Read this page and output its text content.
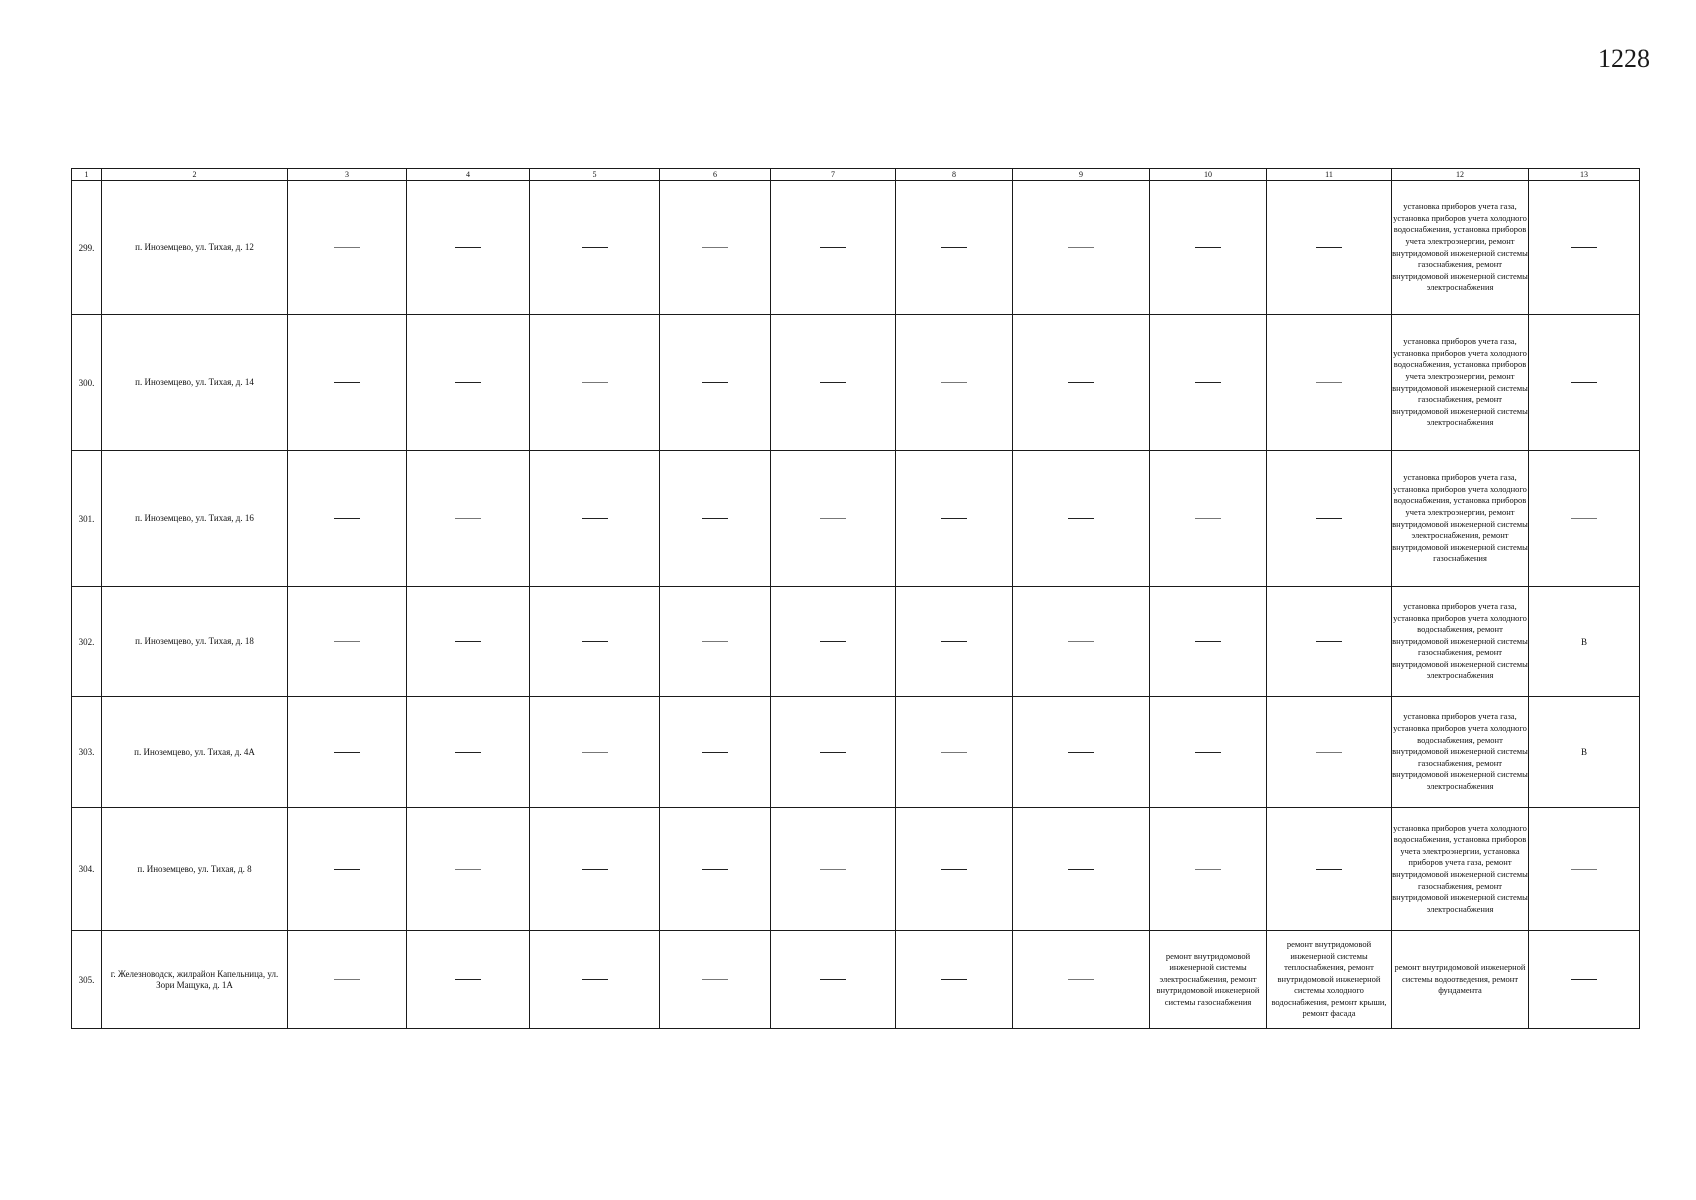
1228
1	2	3	4	5	6	7	8	9	10	11	12	13
299.	п. Иноземцево, ул. Тихая, д. 12										установка приборов учета газа, установка приборов учета холодного водоснабжения, установка приборов учета электроэнергии, ремонт внутридомовой инженерной системы газоснабжения, ремонт внутридомовой инженерной системы электроснабжения	
300.	п. Иноземцево, ул. Тихая, д. 14										установка приборов учета газа, установка приборов учета холодного водоснабжения, установка приборов учета электроэнергии, ремонт внутридомовой инженерной системы газоснабжения, ремонт внутридомовой инженерной системы электроснабжения	
301.	п. Иноземцево, ул. Тихая, д. 16										установка приборов учета газа, установка приборов учета холодного водоснабжения, установка приборов учета электроэнергии, ремонт внутридомовой инженерной системы электроснабжения, ремонт внутридомовой инженерной системы газоснабжения	
302.	п. Иноземцево, ул. Тихая, д. 18										установка приборов учета газа, установка приборов учета холодного водоснабжения, ремонт внутридомовой инженерной системы газоснабжения, ремонт внутридомовой инженерной системы электроснабжения	В
303.	п. Иноземцево, ул. Тихая, д. 4А										установка приборов учета газа, установка приборов учета холодного водоснабжения, ремонт внутридомовой инженерной системы газоснабжения, ремонт внутридомовой инженерной системы электроснабжения	В
304.	п. Иноземцево, ул. Тихая, д. 8										установка приборов учета холодного водоснабжения, установка приборов учета электроэнергии, установка приборов учета газа, ремонт внутридомовой инженерной системы газоснабжения, ремонт внутридомовой инженерной системы электроснабжения	
305.	г. Железноводск, жилрайон Капельница, ул. Зори Мащука, д. 1А								ремонт внутридомовой инженерной системы электроснабжения, ремонт внутридомовой инженерной системы газоснабжения	ремонт внутридомовой инженерной системы теплоснабжения, ремонт внутридомовой инженерной системы холодного водоснабжения, ремонт крыши, ремонт фасада	ремонт внутридомовой инженерной системы водоотведения, ремонт фундамента	
